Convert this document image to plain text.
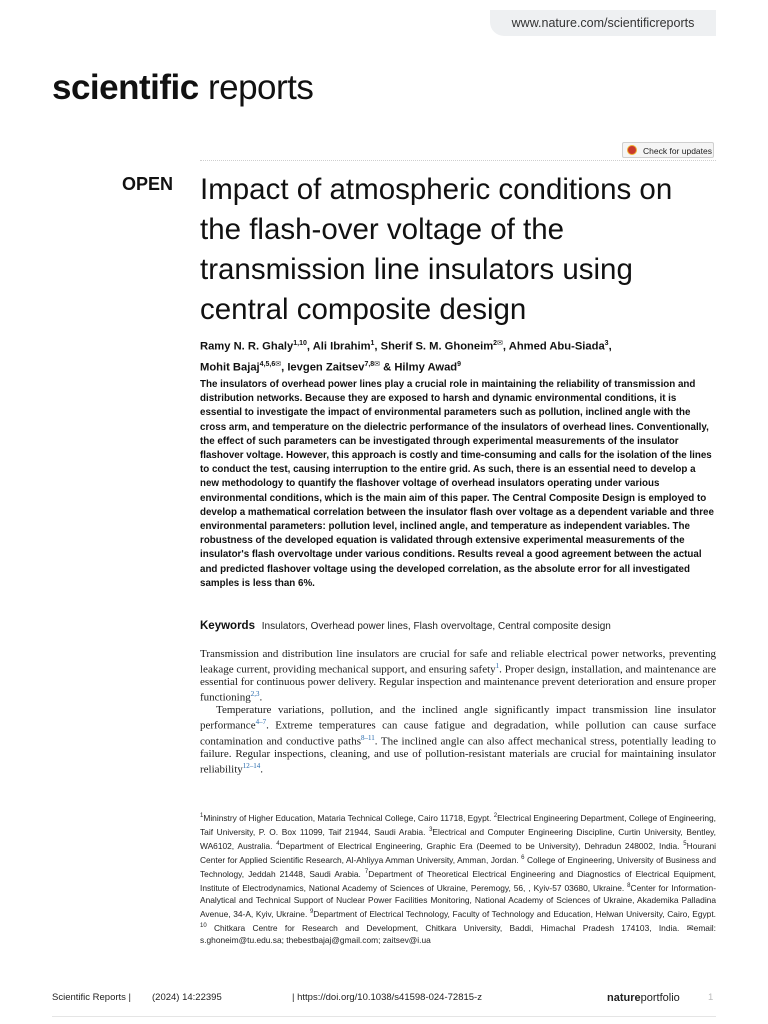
www.nature.com/scientificreports
scientific reports
Check for updates
OPEN Impact of atmospheric conditions on the flash-over voltage of the transmission line insulators using central composite design
Ramy N. R. Ghaly$^{1,10}$, Ali Ibrahim$^1$, Sherif S. M. Ghoneim$^{2✉}$, Ahmed Abu-Siada$^3$,
Mohit Bajaj$^{4,5,6✉}$, Ievgen Zaitsev$^{7,8✉}$ & Hilmy Awad$^9$
The insulators of overhead power lines play a crucial role in maintaining the reliability of transmission and distribution networks. Because they are exposed to harsh and dynamic environmental conditions, it is essential to investigate the impact of environmental parameters such as pollution, inclined angle with the cross arm, and temperature on the dielectric performance of the insulators of overhead lines. Conventionally, the effect of such parameters can be investigated through experimental measurements of the insulator flashover voltage. However, this approach is costly and time-consuming and calls for the isolation of the lines to conduct the test, causing interruption to the entire grid. As such, there is an essential need to develop a new methodology to quantify the flashover voltage of overhead insulators operating under various environmental conditions, which is the main aim of this paper. The Central Composite Design is employed to develop a mathematical correlation between the insulator flash over voltage as a dependent variable and three environmental parameters: pollution level, inclined angle, and temperature as independent variables. The robustness of the developed equation is validated through extensive experimental measurements of the insulator's flash overvoltage under various conditions. Results reveal a good agreement between the actual and predicted flashover voltage using the developed correlation, as the absolute error for all investigated samples is less than 6%.
Keywords Insulators, Overhead power lines, Flash overvoltage, Central composite design

Transmission and distribution line insulators are crucial for safe and reliable electrical power networks, preventing leakage current, providing mechanical support, and ensuring safety$^1$. Proper design, installation, and maintenance are essential for continuous power delivery. Regular inspection and maintenance prevent deterioration and ensure proper functioning$^{2,3}$.

Temperature variations, pollution, and the inclined angle significantly impact transmission line insulator performance$^{4-7}$. Extreme temperatures can cause fatigue and degradation, while pollution can cause surface contamination and conductive paths$^{8-11}$. The inclined angle can also affect mechanical stress, potentially leading to failure. Regular inspections, cleaning, and use of pollution-resistant materials are crucial for maintaining insulator reliability$^{12-14}$.

$^1$Mininstry of Higher Education, Mataria Technical College, Cairo 11718, Egypt. $^2$Electrical Engineering Department, College of Engineering, Taif University, P. O. Box 11099, Taif 21944, Saudi Arabia. $^3$Electrical and Computer Engineering Discipline, Curtin University, Bentley, WA6102, Australia. $^4$Department of Electrical Engineering, Graphic Era (Deemed to be University), Dehradun 248002, India. $^5$Hourani Center for Applied Scientific Research, Al-Ahliyya Amman University, Amman, Jordan. $^6$ College of Engineering, University of Business and Technology, Jeddah 21448, Saudi Arabia. $^7$Department of Theoretical Electrical Engineering and Diagnostics of Electrical Equipment, Institute of Electrodynamics, National Academy of Sciences of Ukraine, Peremogy, 56, , Kyiv-57 03680, Ukraine. $^8$Center for Information-Analytical and Technical Support of Nuclear Power Facilities Monitoring, National Academy of Sciences of Ukraine, Akademika Palladina Avenue, 34-A, Kyiv, Ukraine. $^9$Department of Electrical Technology, Faculty of Technology and Education, Helwan University, Cairo, Egypt. $^{10}$ Chitkara Centre for Research and Development, Chitkara University, Baddi, Himachal Pradesh 174103, India. ✉email: s.ghoneim@tu.edu.sa; thebestbajaj@gmail.com; zaitsev@i.ua
Scientific Reports | (2024) 14:22395	| https://doi.org/10.1038/s41598-024-72815-z	natureportfolio	1
